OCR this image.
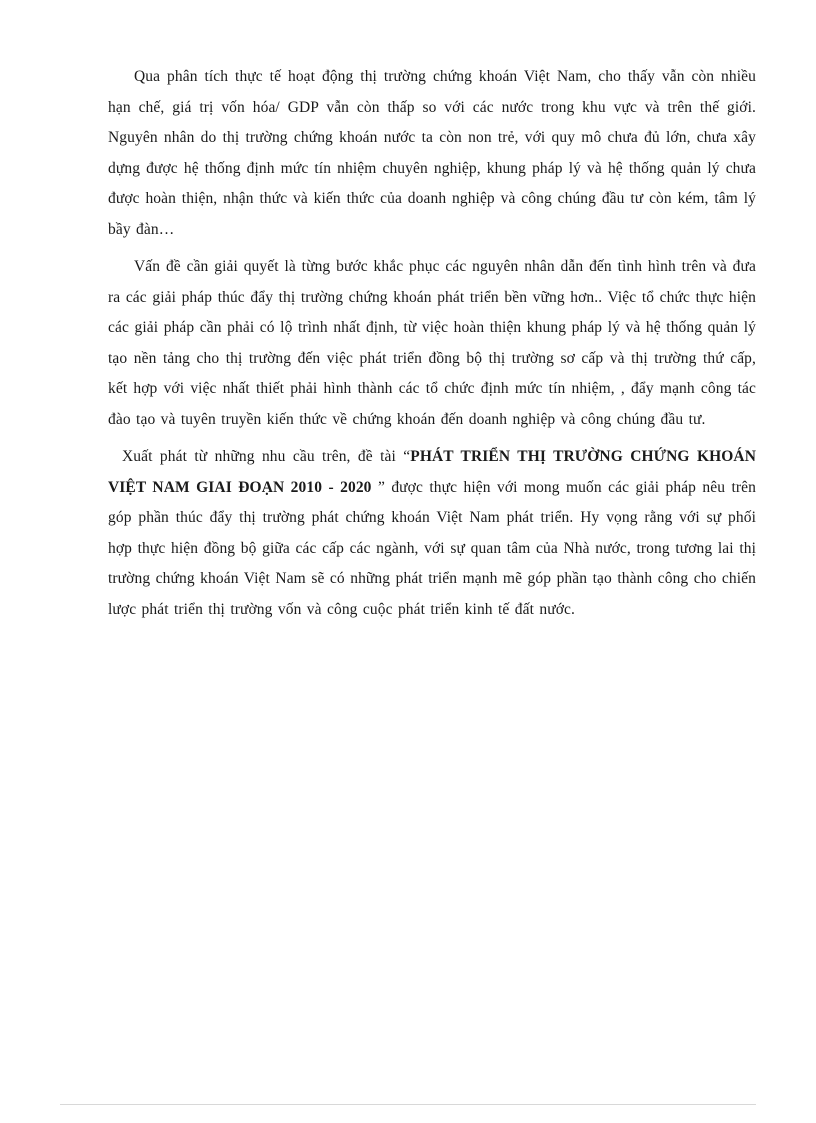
Qua phân tích thực tế hoạt động thị trường chứng khoán Việt Nam, cho thấy vẫn còn nhiều hạn chế, giá trị vốn hóa/ GDP vẫn còn thấp so với các nước trong khu vực và trên thế giới. Nguyên nhân do thị trường chứng khoán nước ta còn non trẻ, với quy mô chưa đủ lớn, chưa xây dựng được hệ thống định mức tín nhiệm chuyên nghiệp, khung pháp lý và hệ thống quản lý chưa được hoàn thiện, nhận thức và kiến thức của doanh nghiệp và công chúng đầu tư còn kém, tâm lý bầy đàn…

Vấn đề cần giải quyết là từng bước khắc phục các nguyên nhân dẫn đến tình hình trên và đưa ra các giải pháp thúc đẩy thị trường chứng khoán phát triển bền vững hơn.. Việc tổ chức thực hiện các giải pháp cần phải có lộ trình nhất định, từ việc hoàn thiện khung pháp lý và hệ thống quản lý tạo nền tảng cho thị trường đến việc phát triển đồng bộ thị trường sơ cấp và thị trường thứ cấp, kết hợp với việc nhất thiết phải hình thành các tổ chức định mức tín nhiệm, , đẩy mạnh công tác đào tạo và tuyên truyền kiến thức về chứng khoán đến doanh nghiệp và công chúng đầu tư.

Xuất phát từ những nhu cầu trên, đề tài “PHÁT TRIỂN THỊ TRƯỜNG CHỨNG KHOÁN VIỆT NAM GIAI ĐOẠN 2010 - 2020 ” được thực hiện với mong muốn các giải pháp nêu trên góp phần thúc đẩy thị trường phát chứng khoán Việt Nam phát triển. Hy vọng rằng với sự phối hợp thực hiện đồng bộ giữa các cấp các ngành, với sự quan tâm của Nhà nước, trong tương lai thị trường chứng khoán Việt Nam sẽ có những phát triển mạnh mẽ góp phần tạo thành công cho chiến lược phát triển thị trường vốn và công cuộc phát triển kinh tế đất nước.
